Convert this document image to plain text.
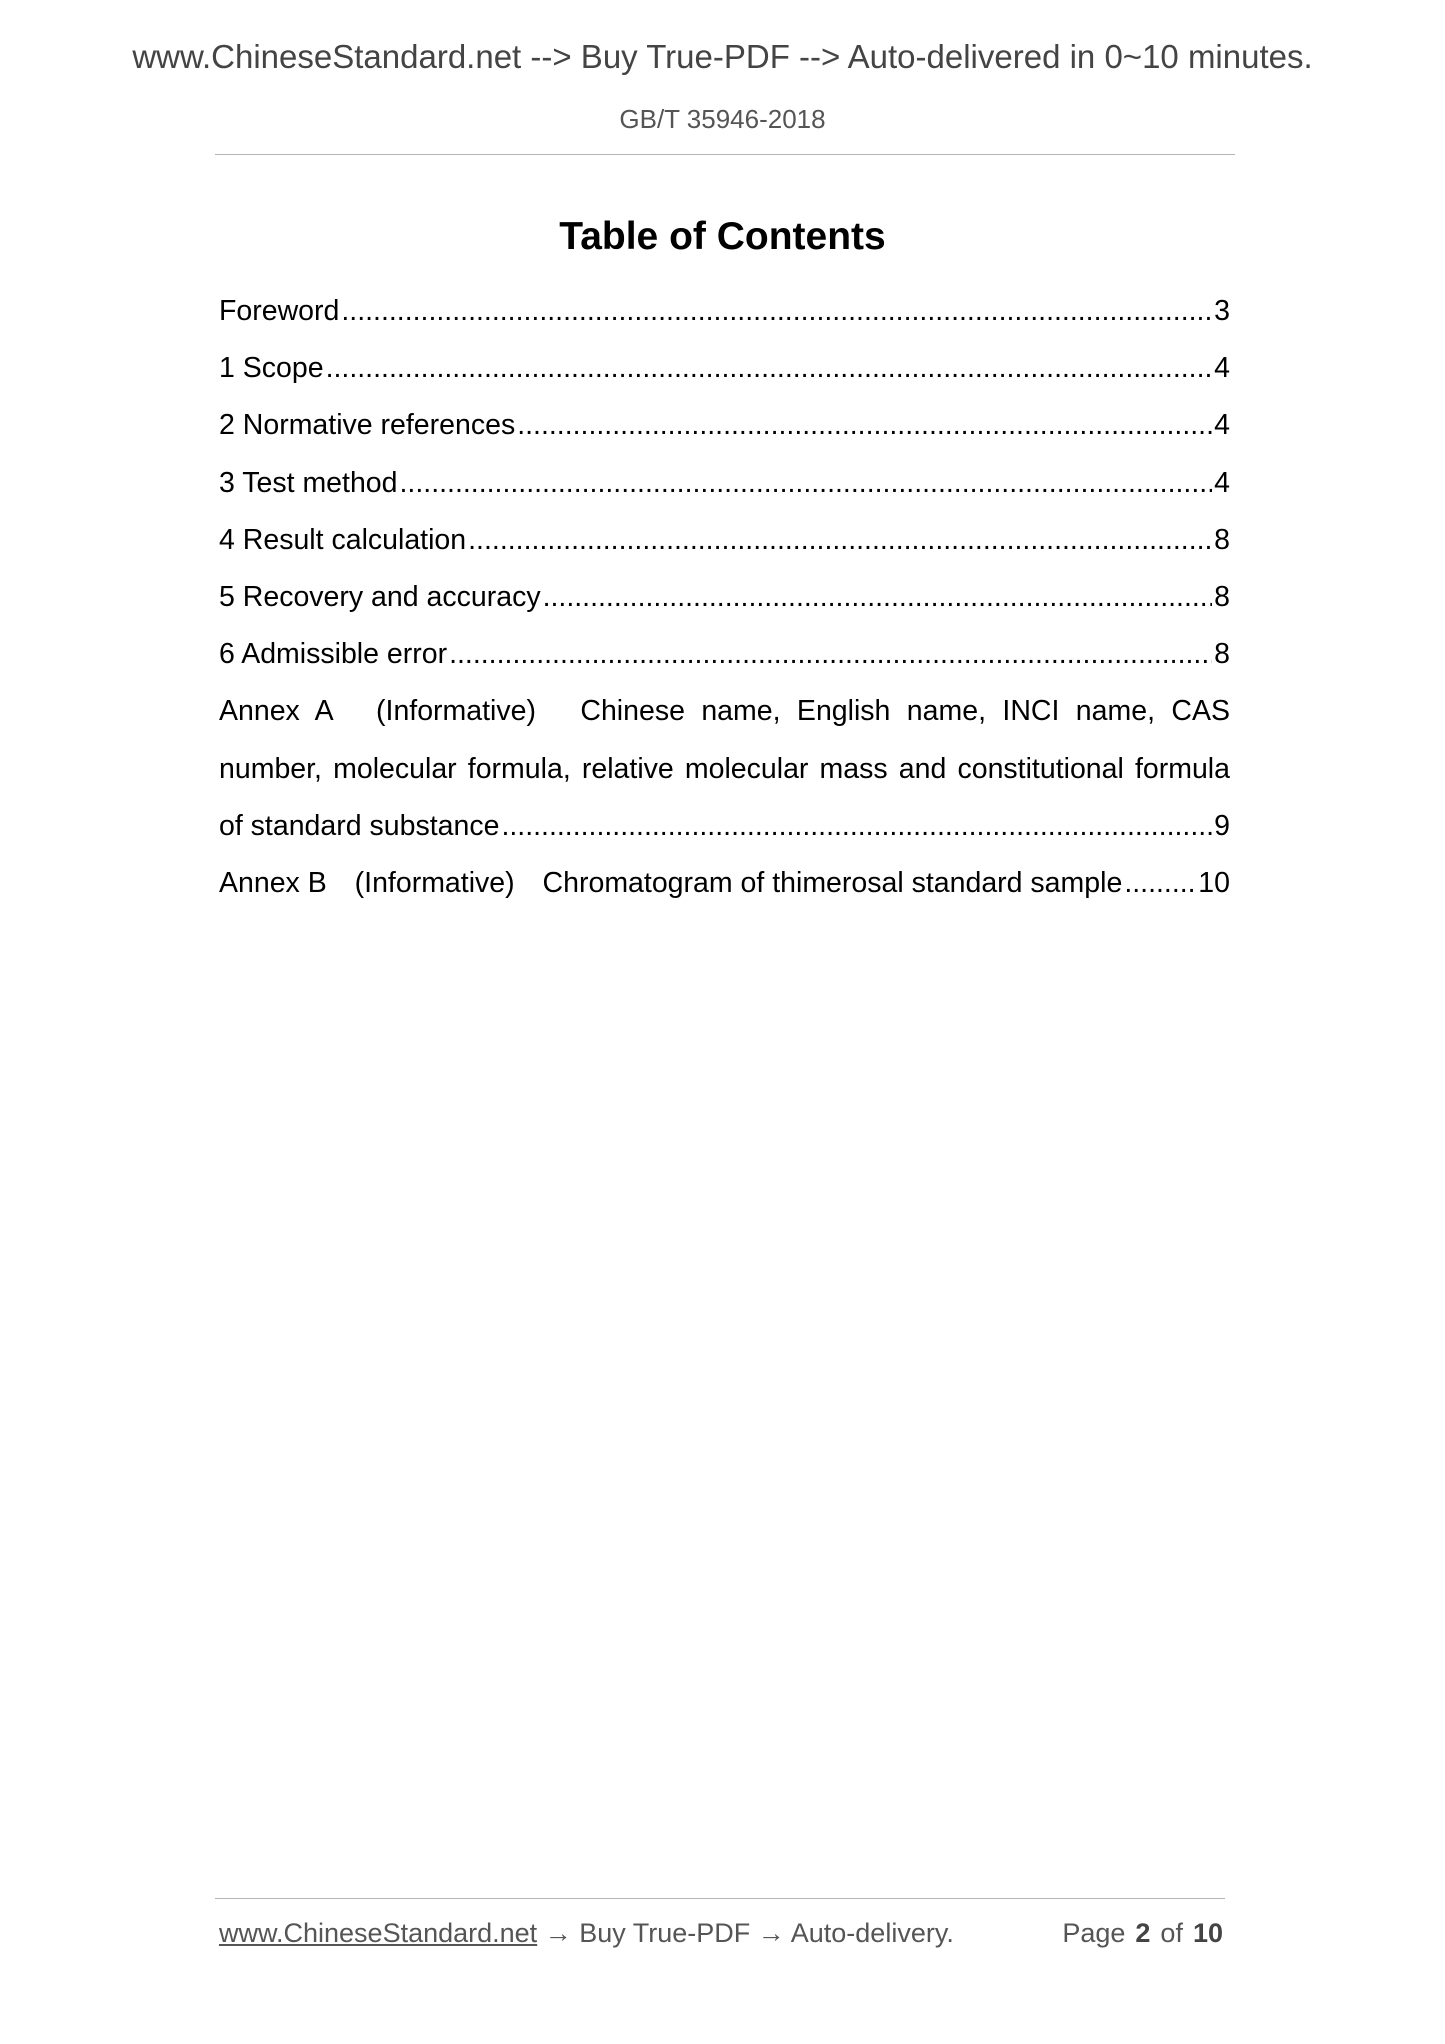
www.ChineseStandard.net --> Buy True-PDF --> Auto-delivered in 0~10 minutes.
GB/T 35946-2018
Table of Contents
Foreword .....	3
1 Scope .....	4
2 Normative references .....	4
3 Test method .....	4
4 Result calculation .....	8
5 Recovery and accuracy .....	8
6 Admissible error .....	8
Annex A (Informative) Chinese name, English name, INCI name, CAS
number, molecular formula, relative molecular mass and constitutional formula
of standard substance .....	9
Annex B (Informative) Chromatogram of thimerosal standard sample .....	10
www.ChineseStandard.net → Buy True-PDF → Auto-delivery.	Page 2 of 10
